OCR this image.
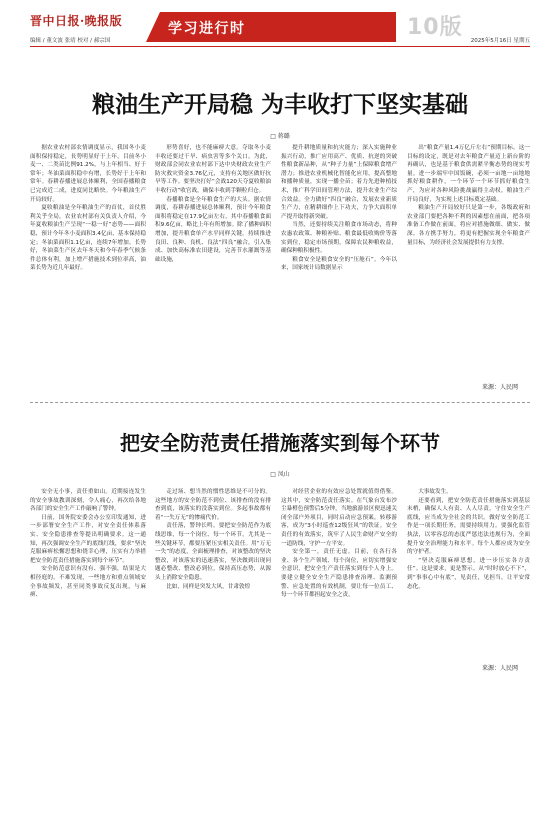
晋中日报·晚报版
编辑 / 董文波 张靖 校对 / 郝宗国
学习进行时	10版
2025年5月16日 星期五
粮油生产开局稳 为丰收打下坚实基础
□ 蒋璐

据农业农村部农情调度显示，我国冬小麦面积保持稳定，長势明显好于上年，目前冬小麦一、二类苗比例91.2%，与上年相当、好于常年；冬油菜面积稳中有增，长势好于上年和常年。春耕春播进展总体顺利，全国春播粮食已完成近二成，进度同比略快。今年粮油生产开局较好。

夏收粮油是全年粮油生产的首仗，首仗胜利关乎全局。农业农村部有关负责人介绍，今年夏收粮油生产呈现“一稳一好”态势——面积稳，预计今年冬小麦面积3.4亿亩，基本保持稳定；冬油菜面积1.1亿亩，连续7年增加。长势好，冬油菜生产区去年冬天和今年春季气候条件总体有利，加上增产措施技术到位率高，油菜长势为近几年最好。

形势喜好，也不能麻痹大意。夺取冬小麦丰收还要过干旱、病虫害等多个关口。为此，财政部会同农业农村部下达中央财政农业生产防灾救灾资金3.76亿元，支持有关地区做好抗旱等工作。要坚决打好“会战120天夺夏收粮油丰收行动”收官战，确保丰收到手颗粒归仓。

春播粮食是全年粮食生产的大头。据农情调度，春耕春播进展总体顺利，预计今年粮食面积将稳定在17.9亿亩左右，其中春播粮食面积9.6亿亩，略比上年有所增加。除了播种面积增加，提升粮食单产水平同样关键。持续推进良田、良种、良机、良法“四良”融合，引入集成、加快高标准农田建设，完善节水灌溉等基础设施，

提升耕地质量和抗灾能力；深入实施种业振兴行动，推广应用高产、优质、抗逆的突破性粮食新品种，从“种子力量”上保障粮食增产潜力；推进农业机械化智能化应用，提高整地和播种质量，实现一播全苗；着力先进种植技术，推广科学田间管理方法，提升农业生产综合效益。全力做好“四良”融合，发展农业新质生产力，在精耕细作上下功夫，力争大面积单产提升取得新突破。

当然，还要持续关注粮食市场动态，将种农惠农政策、种粮补贴、粮食最低收购价等落实到位，稳定市场预期，保障农民种粮收益，确保种粮积极性。

粮食安全是粮食安全的“压舱石”。今年以来，国家统计局数据显示

出“粮食产量1.4万亿斤左右”预期目标。这一目标的设定，既是对去年粮食产量迈上新台阶的再确认，也是基于粮食供需紧平衡态势的现实考量。进一步端牢中国饭碗，必须一亩地一亩地地抓好粮食耕作，一个环节一个环节抓好粮食生产，为应对各种风险挑战赢得主动权。粮油生产开局良好，为实现上述目标奠定基础。

粮油生产开局较好只是第一步，各级政府和农业部门要把各种不利的因素想在前面，把各项准备工作做在前面，将应对措施做细、做实、做深。各方携手努力，将更有把握实现全年粮食产量目标，为经济社会发展提供有力支撑。

来源：人民网
把安全防范责任措施落实到每个环节
□ 凤山

安全无小事，责任重如山。近期接连发生的安全事故教训深刻，令人痛心，再次给各地各部门的安全生产工作敲响了警钟。

日前，国务院安委会办公室印发通知，进一步部署安全生产工作，对安全责任体系落实、安全隐患排查等提出明确要求。这一通知，再次强调安全生产的底线红线，要求“坚决克服麻痹松懈思想和侥幸心理，压实有力举措把安全防范责任措施落实到每个环节”。

安全防范意识有没有、强不强，结果是大相径庭的。不难发现，一些地方和重点领域安全事故频发，甚至同类事故反复出现，与麻痹、

走过场、想当然的惯性思维是不可分的。这些地方的安全防范不到位、该排查的没有排查到底，该落实的没落实到位。多起事故都有着“一失万无”的惨痛代价。

责任落，警钟长鸣。要把安全防范作为底线思维，每一个岗位、每一个环节，尤其是一些关键环节，都要压紧压实相关责任。用“万无一失”的态度，全面梳理排查，对该整改的坚决整改，对该落实的迅速落实，坚决做到出现问题必整改、整改必到位，保持高压态势，从源头上消除安全隐患。

比如，同样是突发大风，甘肃敦煌

对经营企业的有效应急处置就值得借鉴。这其中，安全防范责任落实。在气象台发布沙尘暴橙色预警后5分钟，当地旅游景区便迅速关闭全部户外项目，同时启动应急预案，转移游客，成为“3小时巡查12级狂风”的铁证。安全责任的有效落实，筑牢了人民生命财产安全的一道防线，守护一方平安。

安全第一，责任无虚。目前，在各行各业、各个生产领域、每个岗位，应切实增强安全意识，把安全生产责任落实到每个人身上。要建立健全安全生产隐患排查治理、监测预警、应急处置的有效机制，要让每一位员工、每一个环节都担起安全之责，

大事故发生。

还要看到，把安全防范责任措施落实到基层末梢，确保人人有责、人人尽责，守住安全生产底线，应当成为全社会的共识。做好安全防范工作是一项长期任务，需要持续用力。要强化监管执法，以零容忍的态度严惩违法违规行为，全面提升安全治理能力和水平。每个人都应成为安全的守护者。

“坚决克服麻痹思想，进一步压实各方责任”。这是要求，更是警示。从“时时放心不下”，到“事事心中有底”，见责任，见担当，让平安常态化。

来源：人民网
